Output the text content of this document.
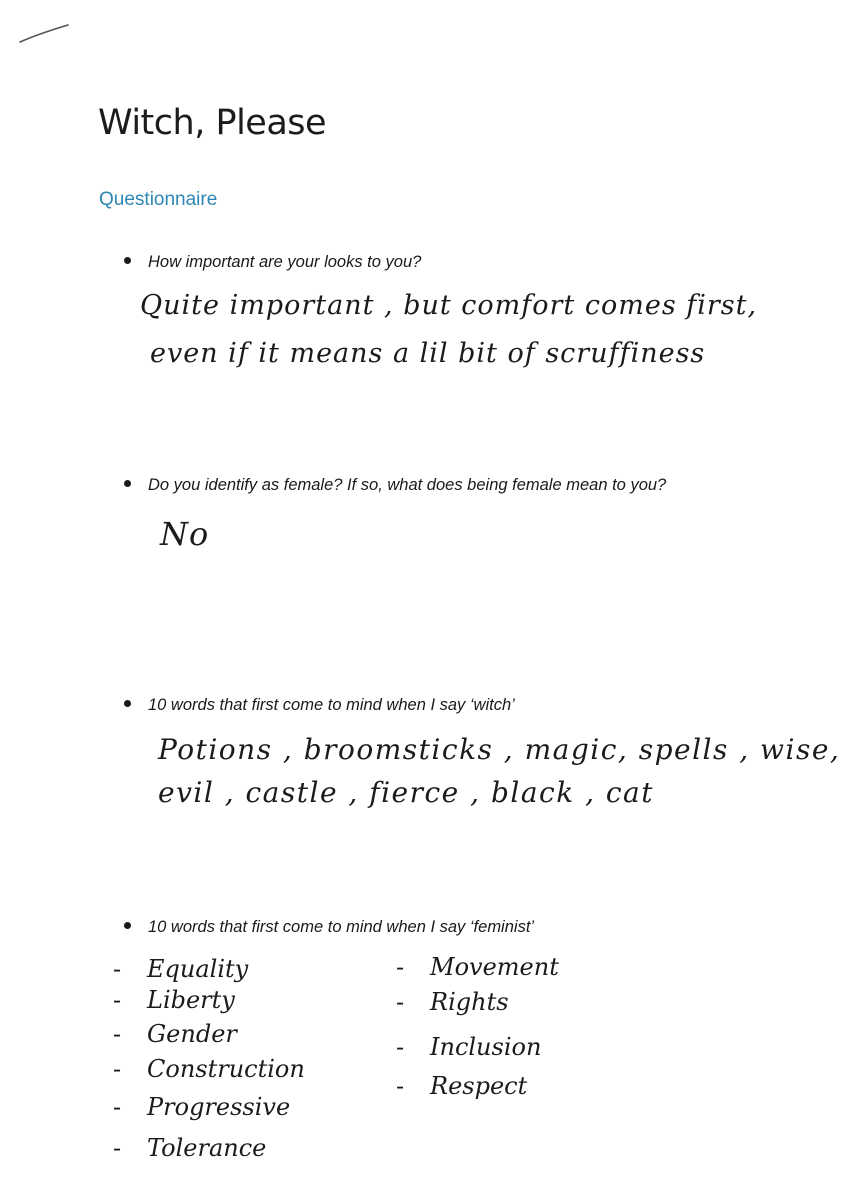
Witch, Please
Questionnaire
How important are your looks to you?
Quite important , but comfort comes first,
even if it means a lil bit of scruffiness
Do you identify as female? If so, what does being female mean to you?
No
10 words that first come to mind when I say ‘witch’
Potions , broomsticks , magic, spells , wise,
evil , castle , fierce , black , cat
10 words that first come to mind when I say ‘feminist’
- Equality
- Liberty
- Gender
- Construction
- Progressive
- Tolerance
- Movement
- Rights
- Inclusion
- Respect
